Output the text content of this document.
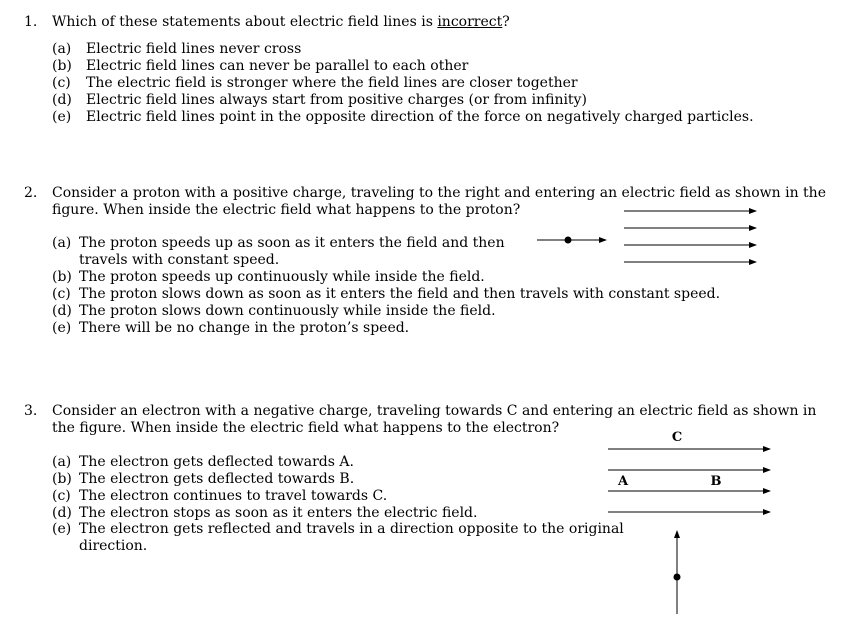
1. Which of these statements about electric field lines is incorrect?
(a) Electric field lines never cross
(b) Electric field lines can never be parallel to each other
(c) The electric field is stronger where the field lines are closer together
(d) Electric field lines always start from positive charges (or from infinity)
(e) Electric field lines point in the opposite direction of the force on negatively charged particles.
2. Consider a proton with a positive charge, traveling to the right and entering an electric field as shown in the
figure. When inside the electric field what happens to the proton?
(a) The proton speeds up as soon as it enters the field and then
travels with constant speed.
(b) The proton speeds up continuously while inside the field.
(c) The proton slows down as soon as it enters the field and then travels with constant speed.
(d) The proton slows down continuously while inside the field.
(e) There will be no change in the proton’s speed.
3. Consider an electron with a negative charge, traveling towards C and entering an electric field as shown in
the figure. When inside the electric field what happens to the electron?
(a) The electron gets deflected towards A.
(b) The electron gets deflected towards B.
(c) The electron continues to travel towards C.
(d) The electron stops as soon as it enters the electric field.
(e) The electron gets reflected and travels in a direction opposite to the original
direction.
C
A	B
